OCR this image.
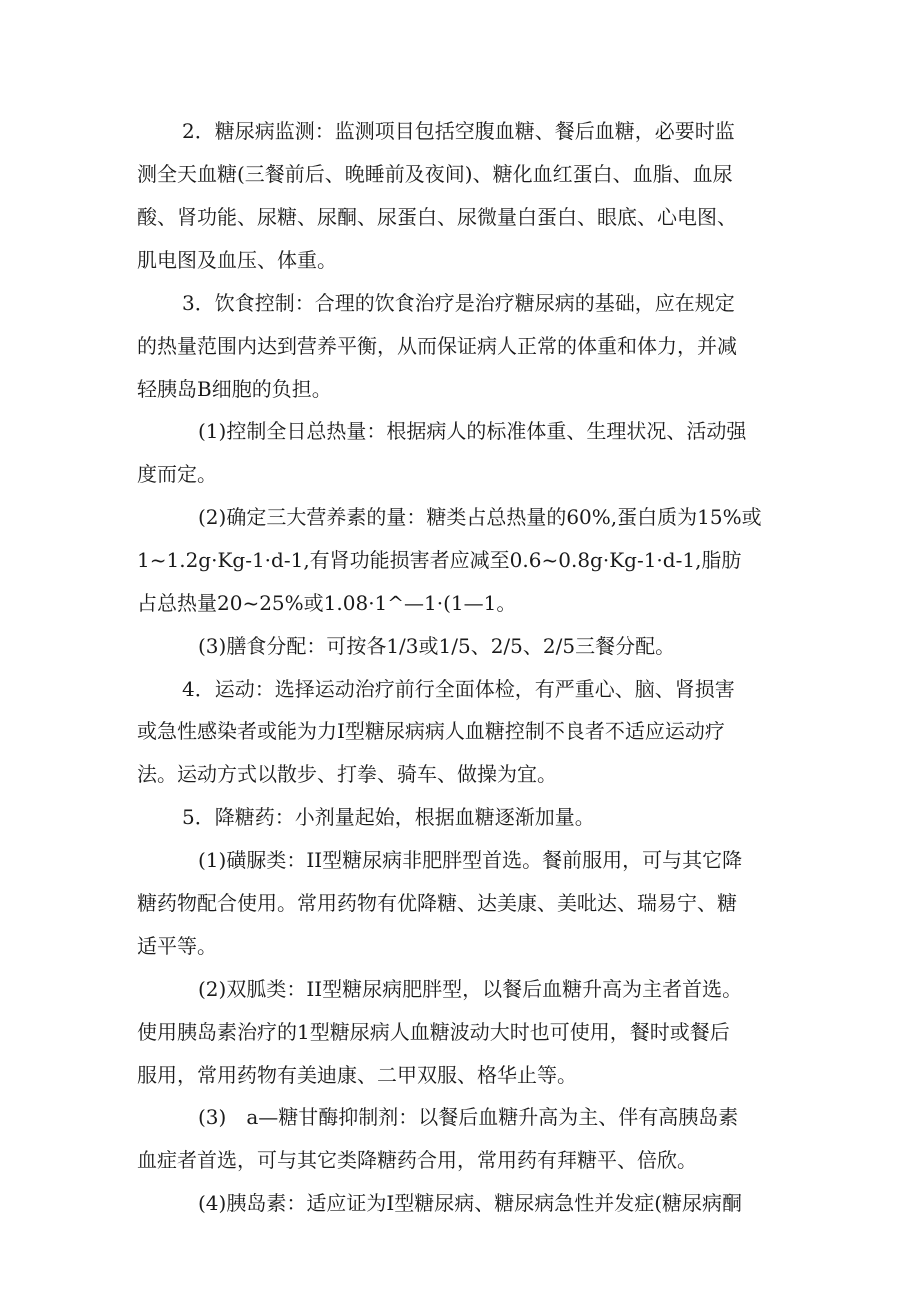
2．糖尿病监测：监测项目包括空腹血糖、餐后血糖，必要时监
测全天血糖(三餐前后、晚睡前及夜间)、糖化血红蛋白、血脂、血尿
酸、肾功能、尿糖、尿酮、尿蛋白、尿微量白蛋白、眼底、心电图、
肌电图及血压、体重。
3．饮食控制：合理的饮食治疗是治疗糖尿病的基础，应在规定
的热量范围内达到营养平衡，从而保证病人正常的体重和体力，并减
轻胰岛B细胞的负担。
(1)控制全日总热量：根据病人的标准体重、生理状况、活动强
度而定。
(2)确定三大营养素的量：糖类占总热量的60%,蛋白质为15%或
1~1.2g·Kg-1·d-1,有肾功能损害者应减至0.6~0.8g·Kg-1·d-1,脂肪
占总热量20~25%或1.08·1^—1·(1—1。
(3)膳食分配：可按各1/3或1/5、2/5、2/5三餐分配。
4．运动：选择运动治疗前行全面体检，有严重心、脑、肾损害
或急性感染者或能为力I型糖尿病病人血糖控制不良者不适应运动疗
法。运动方式以散步、打拳、骑车、做操为宜。
5．降糖药：小剂量起始，根据血糖逐渐加量。
(1)磺脲类：II型糖尿病非肥胖型首选。餐前服用，可与其它降
糖药物配合使用。常用药物有优降糖、达美康、美吡达、瑞易宁、糖
适平等。
(2)双胍类：II型糖尿病肥胖型，以餐后血糖升高为主者首选。
使用胰岛素治疗的1型糖尿病人血糖波动大时也可使用，餐时或餐后
服用，常用药物有美迪康、二甲双服、格华止等。
(3)　a—糖甘酶抑制剂：以餐后血糖升高为主、伴有高胰岛素
血症者首选，可与其它类降糖药合用，常用药有拜糖平、倍欣。
(4)胰岛素：适应证为I型糖尿病、糖尿病急性并发症(糖尿病酮
